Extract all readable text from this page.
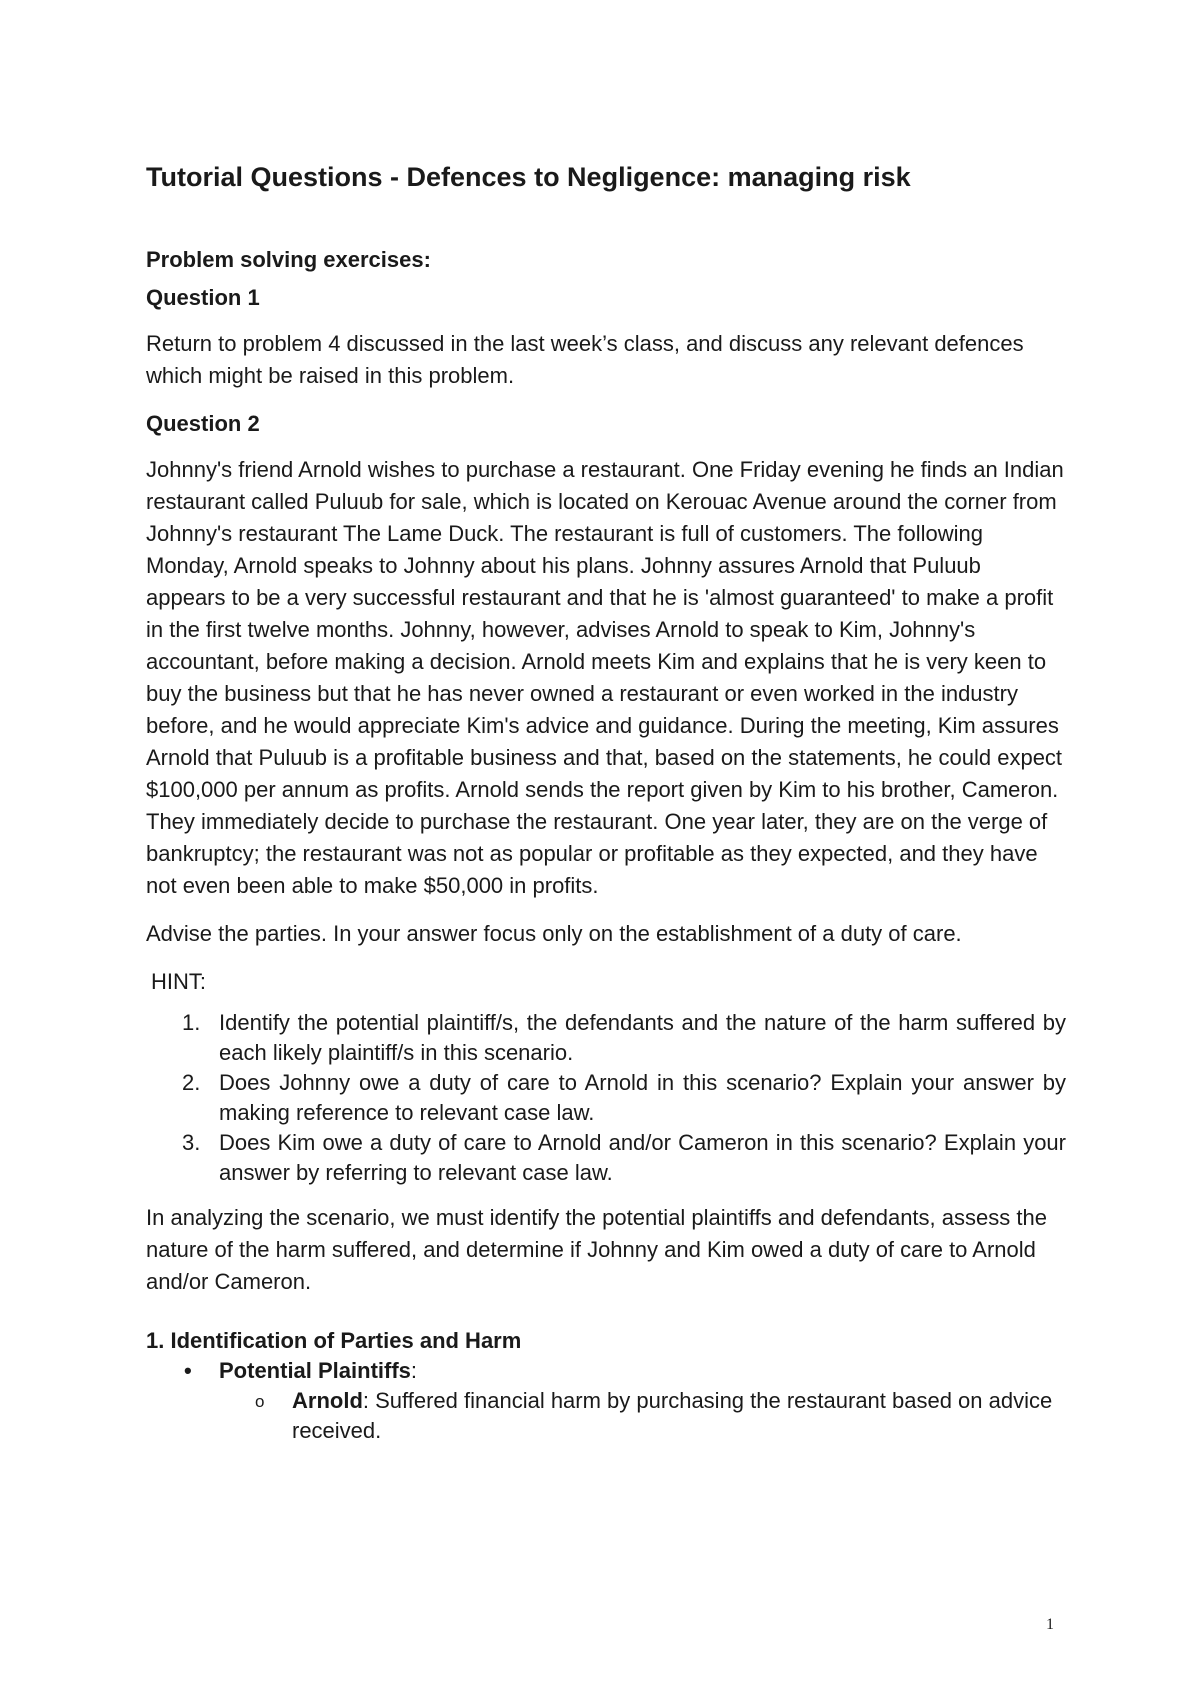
Tutorial Questions - Defences to Negligence: managing risk
Problem solving exercises:
Question 1

Return to problem 4 discussed in the last week’s class, and discuss any relevant defences which might be raised in this problem.

Question 2

Johnny's friend Arnold wishes to purchase a restaurant. One Friday evening he finds an Indian restaurant called Puluub for sale, which is located on Kerouac Avenue around the corner from Johnny's restaurant The Lame Duck. The restaurant is full of customers. The following Monday, Arnold speaks to Johnny about his plans. Johnny assures Arnold that Puluub appears to be a very successful restaurant and that he is 'almost guaranteed' to make a profit in the first twelve months. Johnny, however, advises Arnold to speak to Kim, Johnny's accountant, before making a decision. Arnold meets Kim and explains that he is very keen to buy the business but that he has never owned a restaurant or even worked in the industry before, and he would appreciate Kim's advice and guidance. During the meeting, Kim assures Arnold that Puluub is a profitable business and that, based on the statements, he could expect $100,000 per annum as profits. Arnold sends the report given by Kim to his brother, Cameron. They immediately decide to purchase the restaurant. One year later, they are on the verge of bankruptcy; the restaurant was not as popular or profitable as they expected, and they have not even been able to make $50,000 in profits.

Advise the parties. In your answer focus only on the establishment of a duty of care.

HINT:
1. Identify the potential plaintiff/s, the defendants and the nature of the harm suffered by each likely plaintiff/s in this scenario.
2. Does Johnny owe a duty of care to Arnold in this scenario? Explain your answer by making reference to relevant case law.
3. Does Kim owe a duty of care to Arnold and/or Cameron in this scenario? Explain your answer by referring to relevant case law.

In analyzing the scenario, we must identify the potential plaintiffs and defendants, assess the nature of the harm suffered, and determine if Johnny and Kim owed a duty of care to Arnold and/or Cameron.

1. Identification of Parties and Harm
• Potential Plaintiffs:
o Arnold: Suffered financial harm by purchasing the restaurant based on advice received.
1
